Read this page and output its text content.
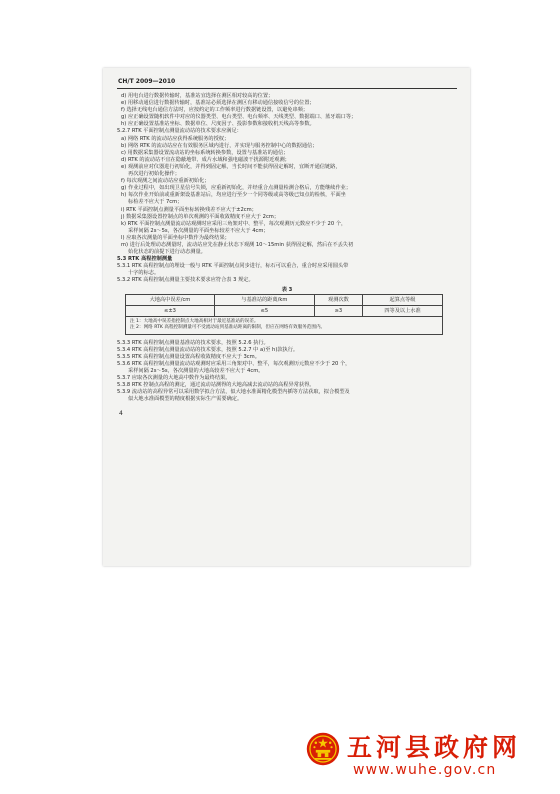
CH/T 2009—2010
d) 用电台进行数据传输时，基准站宜选择在测区相对较高的位置；
e) 用移动通信进行数据传输时，基准站必须选择在测区有移动通信接收信号的位置；
f) 选择无线电台通信方法时，应按约定的工作频率进行数据链设置，以避免串频；
g) 应正确设置随机软件中对应的仪器类型、电台类型、电台频率、天线类型、数据端口、蓝牙端口等；
h) 应正确设置基准站坐标、数据单位、尺度因子、投影参数和接收机天线高等参数。
5.2.7 RTK 平面控制点测量流动站的技术要求应满足：
a) 网络 RTK 的流动站应获得系统服务的授权；
b) 网络 RTK 的流动站应在有效服务区域内进行，并实现与服务控制中心的数据通信；
c) 用数据采集器设置流动站的坐标系统转换参数，设置与基准站的通信；
d) RTK 的流动站不宜在隐蔽地带、成片水域和强电磁波干扰源附近观测；
e) 观测前应对仪器进行初始化，并得到固定解，当长时间不能获得固定解时，宜断开通信链路，
再次进行初始化操作；
f) 每次观测之间流动站应重新初始化；
g) 作业过程中，如出现卫星信号失锁，应重新初始化，并经重合点测量检测合格后，方能继续作业；
h) 每次作业开始前或重新架设基准站后，均应进行至少一个同等级或高等级已知点的检核，平面坐
标检差不应大于 7cm；
i) RTK 平面控制点测量平面坐标转换残差不应大于±2cm；
j) 数据采集器设置控制点的单次观测的平面收敛精度不应大于 2cm；
k) RTK 平面控制点测量流动站观测时应采用三角架对中、整平，每次观测历元数应不少于 20 个，
采样间隔 2s～5s，各次测量的平面坐标较差不应大于 4cm；
l) 应取各次测量的平面坐标中数作为最终结果；
m) 进行后处理动态测量时，流动站应先在静止状态下观测 10～15min 获得固定解，然后在不丢失初
始化状态的前提下进行动态测量。
5.3 RTK 高程控制测量
5.3.1 RTK 高程控制点的埋设一般与 RTK 平面控制点同步进行，标石可以重合，重合时应采用圆头带
十字的标志。
5.3.2 RTK 高程控制点测量主要技术要求应符合表 3 规定。
表 3
大地高中误差/cm	与基准站的距离/km	观测次数	起算点等级
≤±3	≤5	≥3	四等及以上水准

注 1：大地高中误差指控制点大地高相对于最近基准站的误差。
注 2：网络 RTK 高程控制测量可不受流动站到基准站距离的限制，但应在网络有效服务范围内。			
5.3.3 RTK 高程控制点测量基准站的技术要求，按照 5.2.6 执行。
5.3.4 RTK 高程控制点测量流动站的技术要求，按照 5.2.7 中 a)至 h)款执行。
5.3.5 RTK 高程控制点测量设置高程收敛精度不应大于 3cm。
5.3.6 RTK 高程控制点测量流动站观测时应采用三角架对中、整平，每次观测历元数应不少于 20 个，
采样间隔 2s～5s，各次测量的大地高较差不应大于 4cm。
5.3.7 应取各次测量的大地高中数作为最终结果。
5.3.8 RTK 控制点高程的测定，通过流动站测得的大地高减去流动站的高程异常获得。
5.3.9 流动站的高程异常可以采用数学拟合方法，似大地水准面精化模型内插等方法获取，拟合模型及
似大地水准面模型的精度根据实际生产需要确定。
4
五河县政府网
www.wuhe.gov.cn
